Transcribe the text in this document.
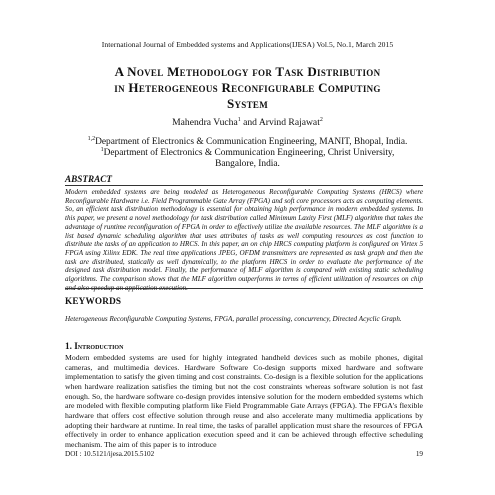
International Journal of Embedded systems and Applications(IJESA) Vol.5, No.1, March 2015
A Novel Methodology for Task Distribution
in Heterogeneous Reconfigurable Computing
System
Mahendra Vucha$^1$ and Arvind Rajawat$^2$
$^{1,2}$Department of Electronics & Communication Engineering, MANIT, Bhopal, India.
$^1$Department of Electronics & Communication Engineering, Christ University,
Bangalore, India.
ABSTRACT
Modern embedded systems are being modeled as Heterogeneous Reconfigurable Computing Systems (HRCS) where Reconfigurable Hardware i.e. Field Programmable Gate Array (FPGA) and soft core processors acts as computing elements. So, an efficient task distribution methodology is essential for obtaining high performance in modern embedded systems. In this paper, we present a novel methodology for task distribution called Minimum Laxity First (MLF) algorithm that takes the advantage of runtime reconfiguration of FPGA in order to effectively utilize the available resources. The MLF algorithm is a list based dynamic scheduling algorithm that uses attributes of tasks as well computing resources as cost function to distribute the tasks of an application to HRCS. In this paper, an on chip HRCS computing platform is configured on Virtex 5 FPGA using Xilinx EDK. The real time applications JPEG, OFDM transmitters are represented as task graph and then the task are distributed, statically as well dynamically, to the platform HRCS in order to evaluate the performance of the designed task distribution model. Finally, the performance of MLF algorithm is compared with existing static scheduling algorithms. The comparison shows that the MLF algorithm outperforms in terms of efficient utilization of resources on chip and also speedup an application execution.
KEYWORDS
Heterogeneous Reconfigurable Computing Systems, FPGA, parallel processing, concurrency, Directed Acyclic Graph.
1. Introduction
Modern embedded systems are used for highly integrated handheld devices such as mobile phones, digital cameras, and multimedia devices. Hardware Software Co-design supports mixed hardware and software implementation to satisfy the given timing and cost constraints. Co-design is a flexible solution for the applications when hardware realization satisfies the timing but not the cost constraints whereas software solution is not fast enough. So, the hardware software co-design provides intensive solution for the modern embedded systems which are modeled with flexible computing platform like Field Programmable Gate Arrays (FPGA). The FPGA's flexible hardware that offers cost effective solution through reuse and also accelerate many multimedia applications by adopting their hardware at runtime. In real time, the tasks of parallel application must share the resources of FPGA effectively in order to enhance application execution speed and it can be achieved through effective scheduling mechanism. The aim of this paper is to introduce
DOI : 10.5121/ijesa.2015.5102	19
